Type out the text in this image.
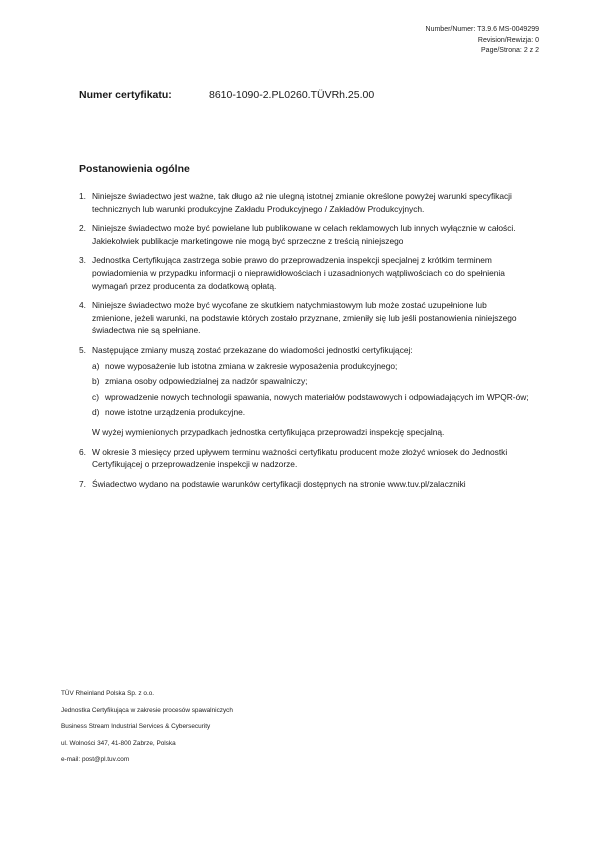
Number/Numer: T3.9.6 MS-0049299
Revision/Rewizja: 0
Page/Strona: 2 z 2
Numer certyfikatu:	8610-1090-2.PL0260.TÜVRh.25.00
Postanowienia ogólne
1. Niniejsze świadectwo jest ważne, tak długo aż nie ulegną istotnej zmianie określone powyżej warunki specyfikacji technicznych lub warunki produkcyjne Zakładu Produkcyjnego / Zakładów Produkcyjnych.
2. Niniejsze świadectwo może być powielane lub publikowane w celach reklamowych lub innych wyłącznie w całości. Jakiekolwiek publikacje marketingowe nie mogą być sprzeczne z treścią niniejszego
3. Jednostka Certyfikująca zastrzega sobie prawo do przeprowadzenia inspekcji specjalnej z krótkim terminem powiadomienia w przypadku informacji o nieprawidłowościach i uzasadnionych wątpliwościach co do spełnienia wymagań przez producenta za dodatkową opłatą.
4. Niniejsze świadectwo może być wycofane ze skutkiem natychmiastowym lub może zostać uzupełnione lub zmienione, jeżeli warunki, na podstawie których zostało przyznane, zmieniły się lub jeśli postanowienia niniejszego świadectwa nie są spełniane.
5. Następujące zmiany muszą zostać przekazane do wiadomości jednostki certyfikującej:
a) nowe wyposażenie lub istotna zmiana w zakresie wyposażenia produkcyjnego;
b) zmiana osoby odpowiedzialnej za nadzór spawalniczy;
c) wprowadzenie nowych technologii spawania, nowych materiałów podstawowych i odpowiadających im WPQR-ów;
d) nowe istotne urządzenia produkcyjne.
W wyżej wymienionych przypadkach jednostka certyfikująca przeprowadzi inspekcję specjalną.
6. W okresie 3 miesięcy przed upływem terminu ważności certyfikatu producent może złożyć wniosek do Jednostki Certyfikującej o przeprowadzenie inspekcji w nadzorze.
7. Świadectwo wydano na podstawie warunków certyfikacji dostępnych na stronie www.tuv.pl/zalaczniki
TÜV Rheinland Polska Sp. z o.o.
Jednostka Certyfikująca w zakresie procesów spawalniczych
Business Stream Industrial Services & Cybersecurity
ul. Wolności 347, 41-800 Zabrze, Polska
e-mail: post@pl.tuv.com
